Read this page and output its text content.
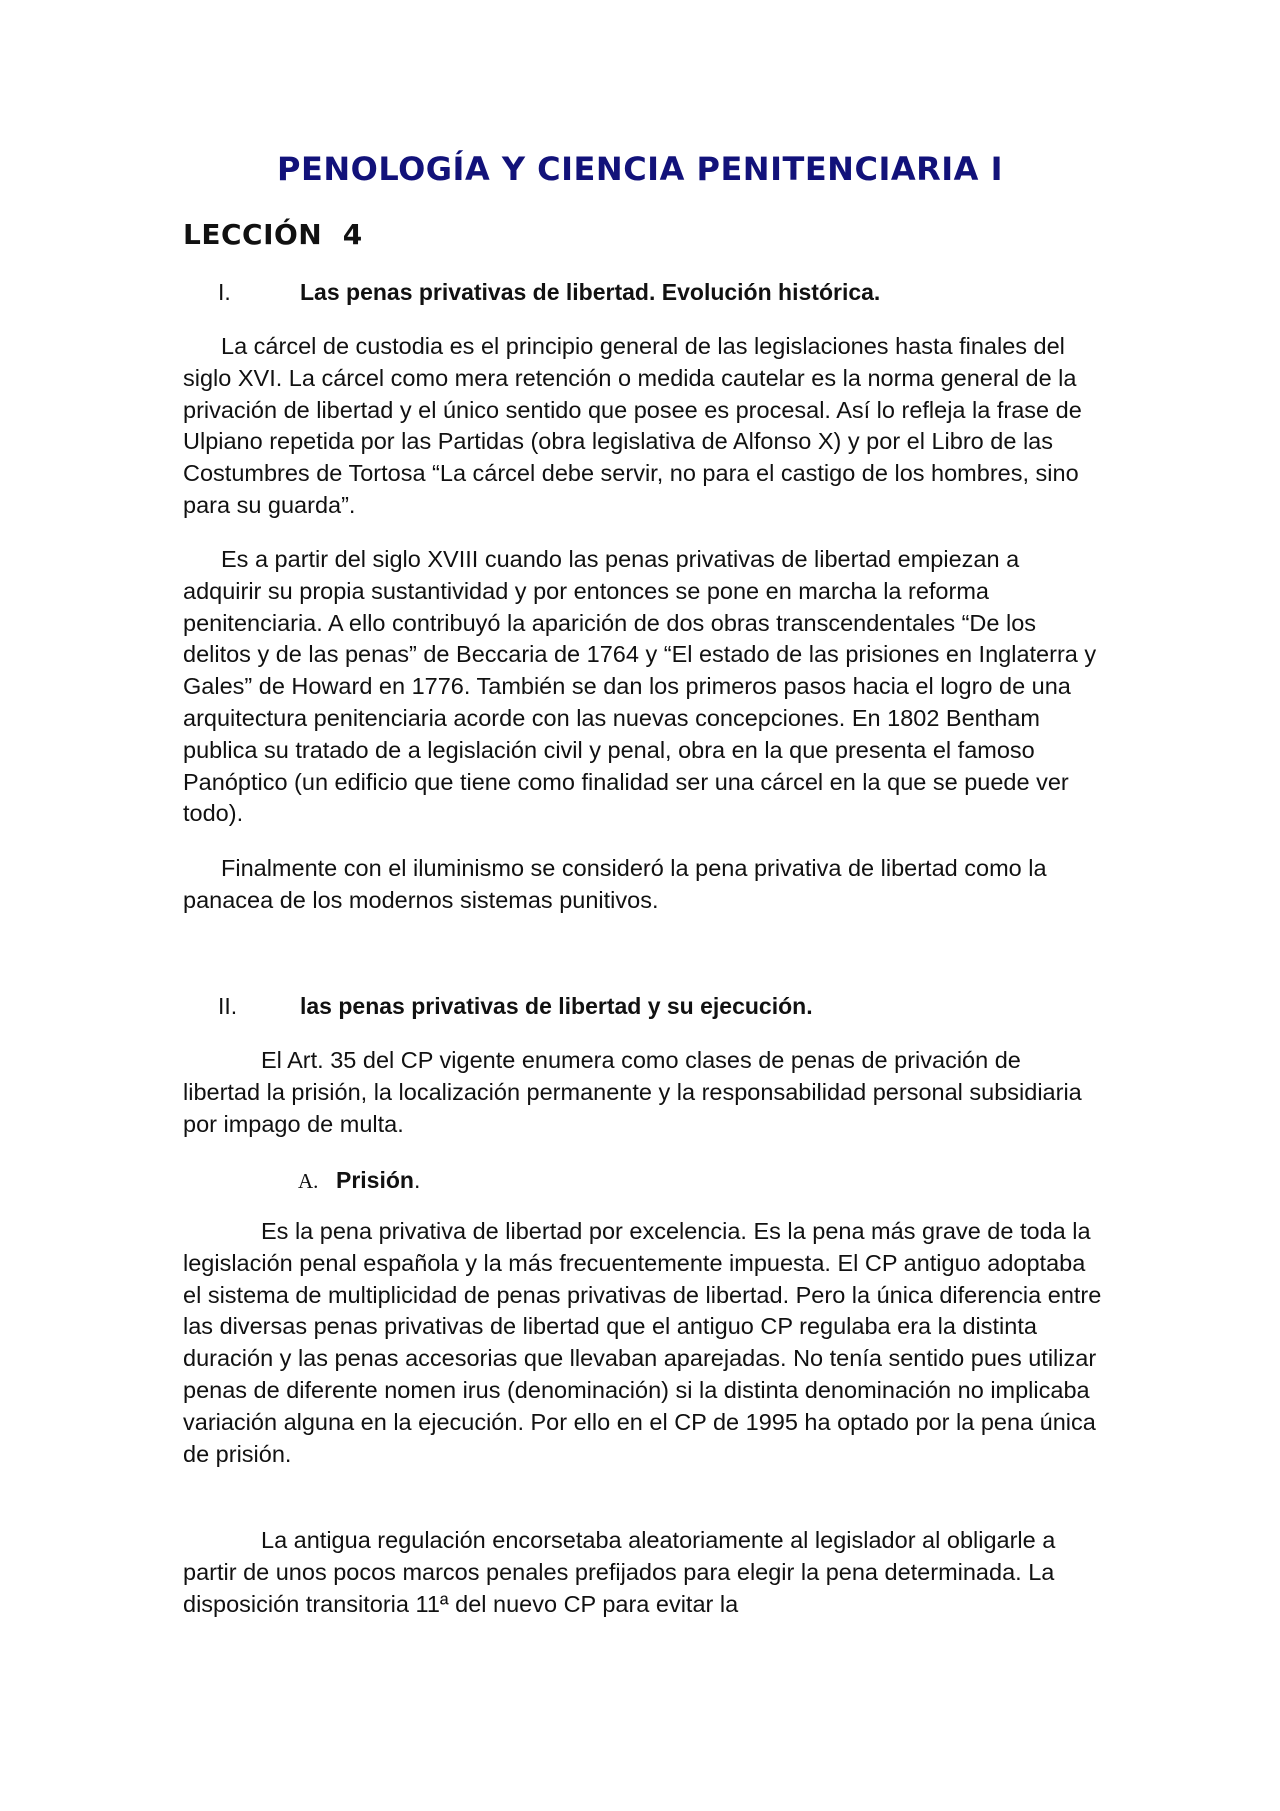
PENOLOGÍA Y CIENCIA PENITENCIARIA I
LECCIÓN  4
I.	Las penas privativas de libertad. Evolución histórica.

La cárcel de custodia es el principio general de las legislaciones hasta finales del siglo XVI. La cárcel como mera retención o medida cautelar es la norma general de la privación de libertad y el único sentido que posee es procesal. Así lo refleja la frase de Ulpiano repetida por las Partidas (obra legislativa de Alfonso X) y por el Libro de las Costumbres de Tortosa “La cárcel debe servir, no para el castigo de los hombres, sino para su guarda”.

Es a partir del siglo XVIII cuando las penas privativas de libertad empiezan a adquirir su propia sustantividad y por entonces se pone en marcha la reforma penitenciaria. A ello contribuyó la aparición de dos obras transcendentales “De los delitos y de las penas” de Beccaria de 1764 y “El estado de las prisiones en Inglaterra y Gales” de Howard en 1776. También se dan los primeros pasos hacia el logro de una arquitectura penitenciaria acorde con las nuevas concepciones. En 1802 Bentham publica su tratado de a legislación civil y penal, obra en la que presenta el famoso Panóptico (un edificio que tiene como finalidad ser una cárcel en la que se puede ver todo).

Finalmente con el iluminismo se consideró la pena privativa de libertad como la panacea de los modernos sistemas punitivos.

II.	las penas privativas de libertad y su ejecución.

El Art. 35 del CP vigente enumera como clases de penas de privación de libertad la prisión, la localización permanente y la responsabilidad personal subsidiaria por impago de multa.

A. Prisión .

Es la pena privativa de libertad por excelencia. Es la pena más grave de toda la legislación penal española y la más frecuentemente impuesta. El CP antiguo adoptaba el sistema de multiplicidad de penas privativas de libertad. Pero la única diferencia entre las diversas penas privativas de libertad que el antiguo CP regulaba era la distinta duración y las penas accesorias que llevaban aparejadas. No tenía sentido pues utilizar penas de diferente nomen irus (denominación) si la distinta denominación no implicaba variación alguna en la ejecución. Por ello en el CP de 1995 ha optado por la pena única de prisión.

La antigua regulación encorsetaba aleatoriamente al legislador al obligarle a partir de unos pocos marcos penales prefijados para elegir la pena determinada. La disposición transitoria 11ª del nuevo CP para evitar la
